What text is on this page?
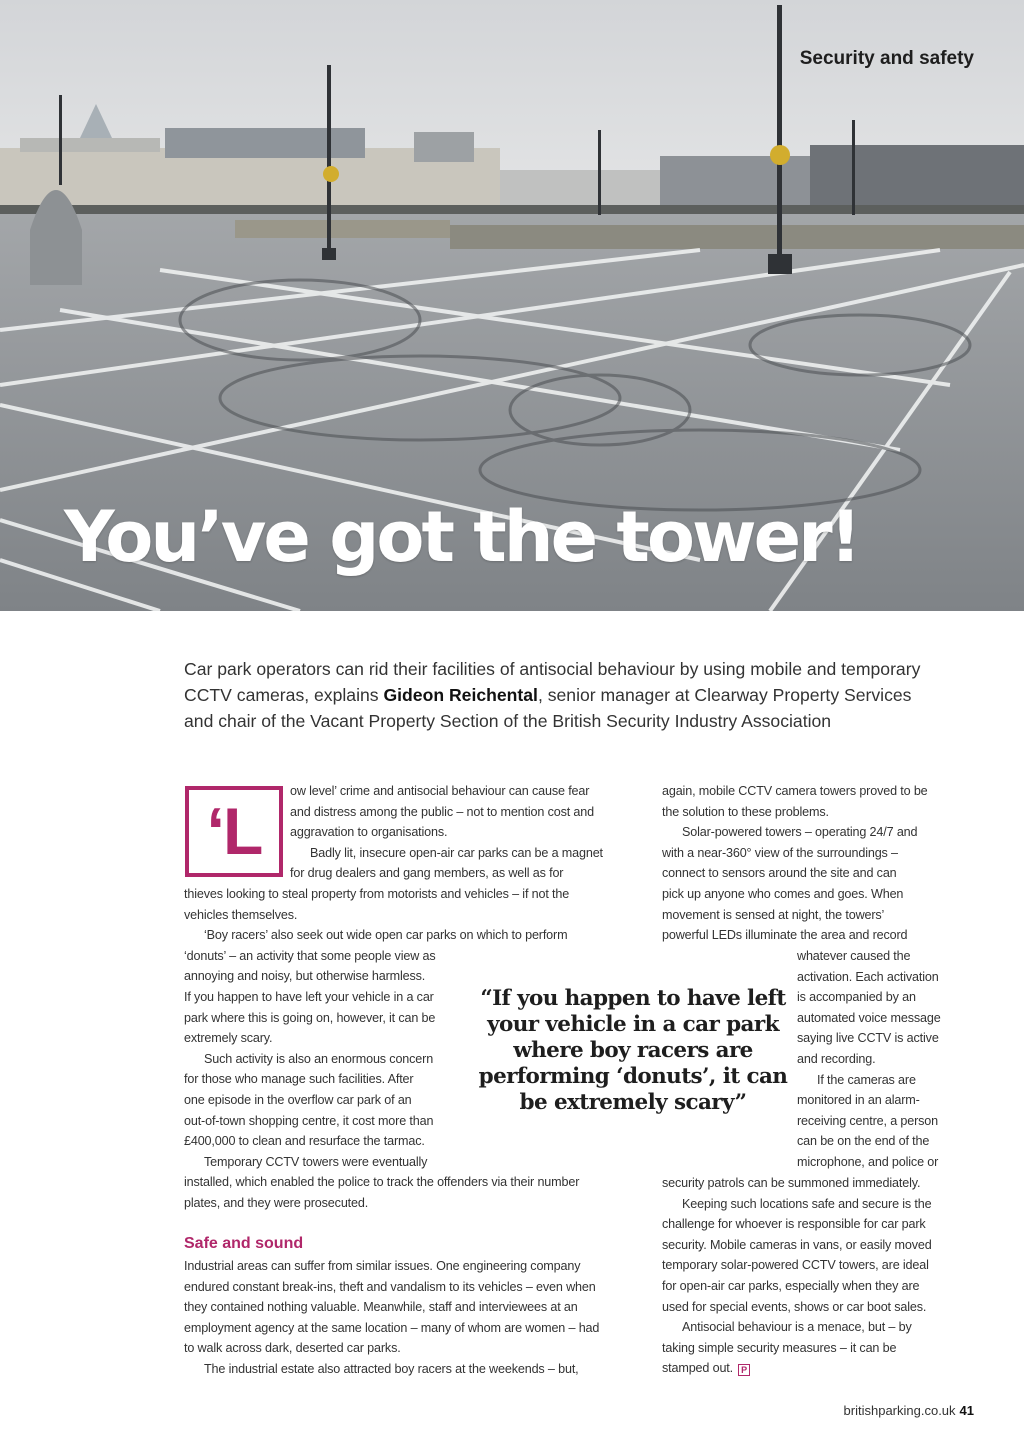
Security and safety
You’ve got the tower!
Car park operators can rid their facilities of antisocial behaviour by using mobile and temporary
CCTV cameras, explains Gideon Reichental, senior manager at Clearway Property Services
and chair of the Vacant Property Section of the British Security Industry Association
‘L
ow level’ crime and antisocial behaviour can cause fear
and distress among the public – not to mention cost and
aggravation to organisations.
Badly lit, insecure open-air car parks can be a magnet
for drug dealers and gang members, as well as for
thieves looking to steal property from motorists and vehicles – if not the
vehicles themselves.
‘Boy racers’ also seek out wide open car parks on which to perform
‘donuts’ – an activity that some people view as
annoying and noisy, but otherwise harmless.
If you happen to have left your vehicle in a car
park where this is going on, however, it can be
extremely scary.
Such activity is also an enormous concern
for those who manage such facilities. After
one episode in the overflow car park of an
out-of-town shopping centre, it cost more than
£400,000 to clean and resurface the tarmac.
Temporary CCTV towers were eventually
installed, which enabled the police to track the offenders via their number
plates, and they were prosecuted.
Safe and sound
Industrial areas can suffer from similar issues. One engineering company
endured constant break-ins, theft and vandalism to its vehicles – even when
they contained nothing valuable. Meanwhile, staff and interviewees at an
employment agency at the same location – many of whom are women – had
to walk across dark, deserted car parks.
The industrial estate also attracted boy racers at the weekends – but,
again, mobile CCTV camera towers proved to be
the solution to these problems.
Solar-powered towers – operating 24/7 and
with a near-360° view of the surroundings –
connect to sensors around the site and can
pick up anyone who comes and goes. When
movement is sensed at night, the towers’
powerful LEDs illuminate the area and record
whatever caused the
activation. Each activation
is accompanied by an
automated voice message
saying live CCTV is active
and recording.
If the cameras are
monitored in an alarm-
receiving centre, a person
can be on the end of the
microphone, and police or
security patrols can be summoned immediately.
Keeping such locations safe and secure is the
challenge for whoever is responsible for car park
security. Mobile cameras in vans, or easily moved
temporary solar-powered CCTV towers, are ideal
for open-air car parks, especially when they are
used for special events, shows or car boot sales.
Antisocial behaviour is a menace, but – by
taking simple security measures – it can be
stamped out. P
“If you happen to have left your vehicle in a car park where boy racers are performing ‘donuts’, it can be extremely scary”
britishparking.co.uk 41
